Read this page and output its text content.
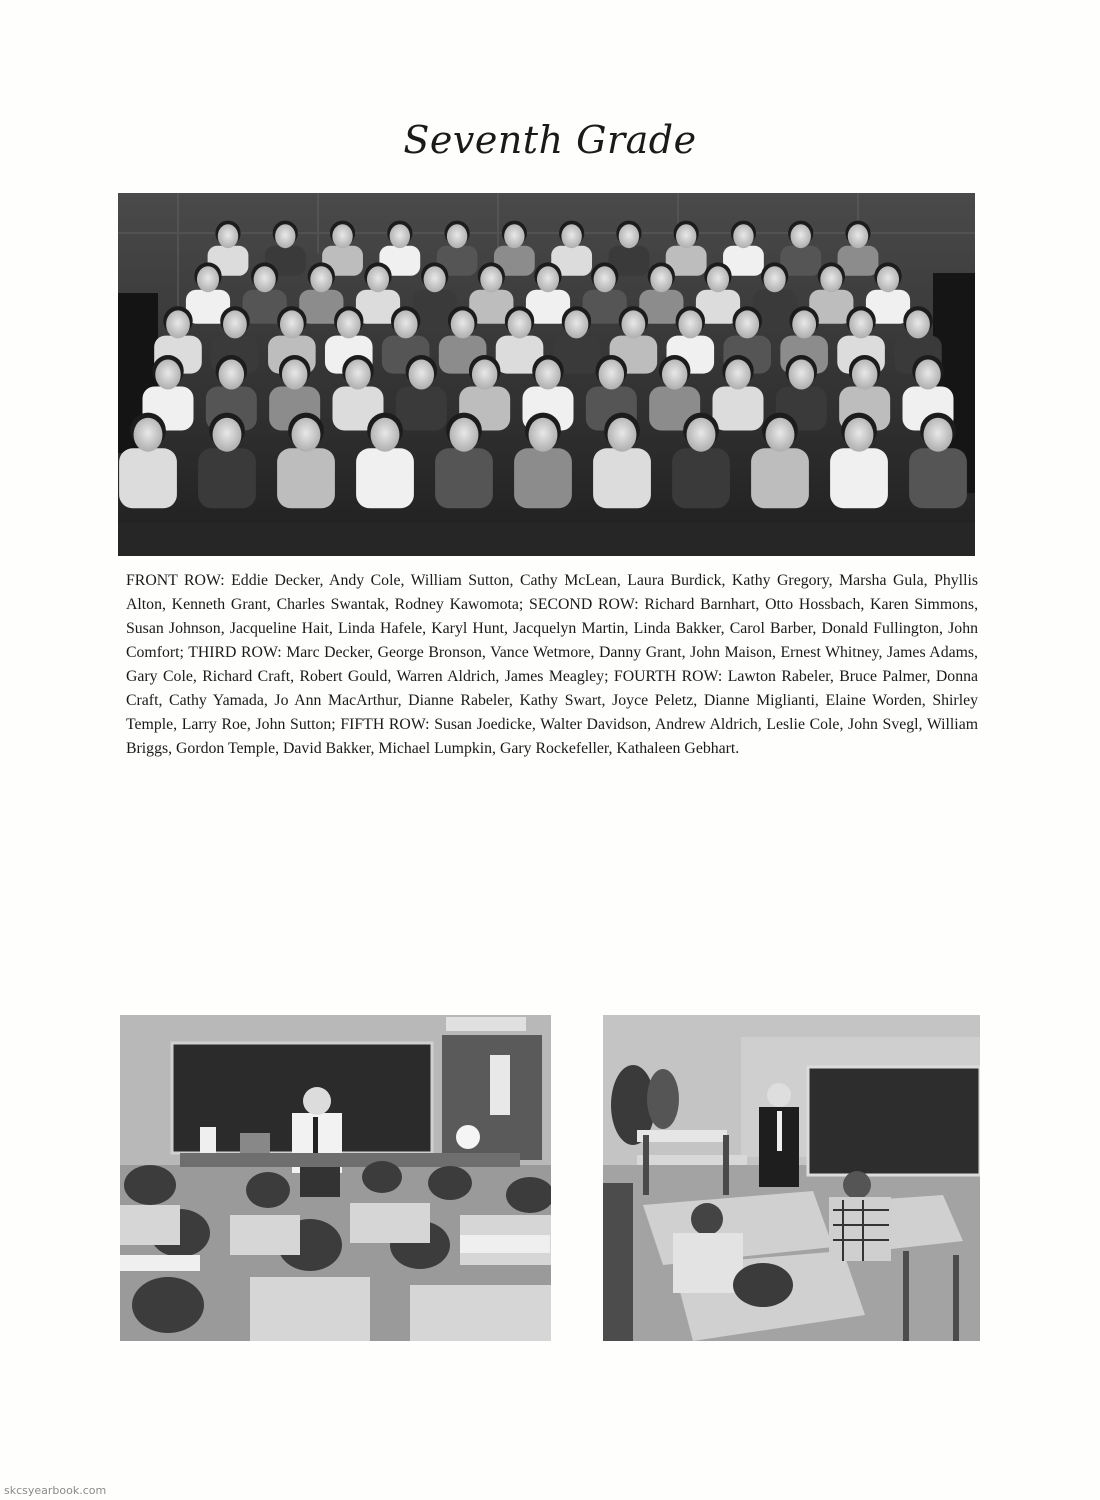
Seventh Grade

FRONT ROW: Eddie Decker, Andy Cole, William Sutton, Cathy McLean, Laura Burdick, Kathy Gregory, Marsha Gula, Phyllis Alton, Kenneth Grant, Charles Swantak, Rodney Kawomota; SECOND ROW: Richard Barnhart, Otto Hossbach, Karen Simmons, Susan Johnson, Jacqueline Hait, Linda Hafele, Karyl Hunt, Jacquelyn Martin, Linda Bakker, Carol Barber, Donald Fullington, John Comfort; THIRD ROW: Marc Decker, George Bronson, Vance Wetmore, Danny Grant, John Maison, Ernest Whitney, James Adams, Gary Cole, Richard Craft, Robert Gould, Warren Aldrich, James Meagley; FOURTH ROW: Lawton Rabeler, Bruce Palmer, Donna Craft, Cathy Yamada, Jo Ann MacArthur, Dianne Rabeler, Kathy Swart, Joyce Peletz, Dianne Miglianti, Elaine Worden, Shirley Temple, Larry Roe, John Sutton; FIFTH ROW: Susan Joedicke, Walter Davidson, Andrew Aldrich, Leslie Cole, John Svegl, William Briggs, Gordon Temple, David Bakker, Michael Lumpkin, Gary Rockefeller, Kathaleen Gebhart.

skcsyearbook.com
